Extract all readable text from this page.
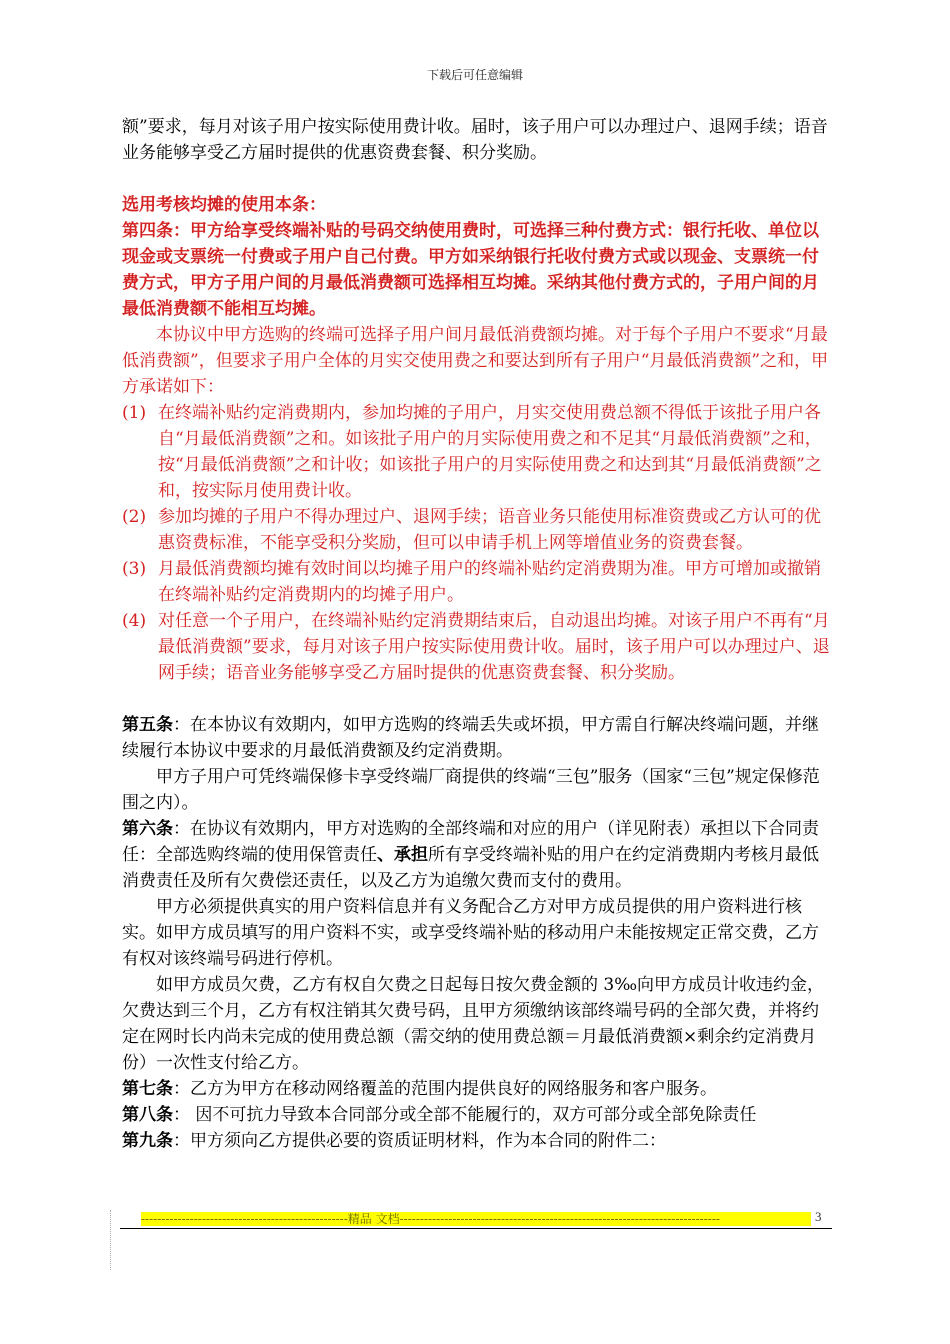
下载后可任意编辑

额”要求，每月对该子用户按实际使用费计收。届时，该子用户可以办理过户、退网手续；语音业务能够享受乙方届时提供的优惠资费套餐、积分奖励。

选用考核均摊的使用本条：

第四条：甲方给享受终端补贴的号码交纳使用费时，可选择三种付费方式：银行托收、单位以现金或支票统一付费或子用户自己付费。甲方如采纳银行托收付费方式或以现金、支票统一付费方式，甲方子用户间的月最低消费额可选择相互均摊。采纳其他付费方式的，子用户间的月最低消费额不能相互均摊。

本协议中甲方选购的终端可选择子用户间月最低消费额均摊。对于每个子用户不要求“月最低消费额”，但要求子用户全体的月实交使用费之和要达到所有子用户“月最低消费额”之和，甲方承诺如下：

(1) 在终端补贴约定消费期内，参加均摊的子用户，月实交使用费总额不得低于该批子用户各自“月最低消费额”之和。如该批子用户的月实际使用费之和不足其“月最低消费额”之和，按“月最低消费额”之和计收；如该批子用户的月实际使用费之和达到其“月最低消费额”之和，按实际月使用费计收。
(2) 参加均摊的子用户不得办理过户、退网手续；语音业务只能使用标准资费或乙方认可的优惠资费标准，不能享受积分奖励，但可以申请手机上网等增值业务的资费套餐。
(3) 月最低消费额均摊有效时间以均摊子用户的终端补贴约定消费期为准。甲方可增加或撤销在终端补贴约定消费期内的均摊子用户。
(4) 对任意一个子用户，在终端补贴约定消费期结束后，自动退出均摊。对该子用户不再有“月最低消费额”要求，每月对该子用户按实际使用费计收。届时，该子用户可以办理过户、退网手续；语音业务能够享受乙方届时提供的优惠资费套餐、积分奖励。

第五条：在本协议有效期内，如甲方选购的终端丢失或坏损，甲方需自行解决终端问题，并继续履行本协议中要求的月最低消费额及约定消费期。

甲方子用户可凭终端保修卡享受终端厂商提供的终端“三包”服务（国家“三包”规定保修范围之内）。

第六条：在协议有效期内，甲方对选购的全部终端和对应的用户（详见附表）承担以下合同责任：全部选购终端的使用保管责任、承担所有享受终端补贴的用户在约定消费期内考核月最低消费责任及所有欠费偿还责任，以及乙方为追缴欠费而支付的费用。

甲方必须提供真实的用户资料信息并有义务配合乙方对甲方成员提供的用户资料进行核实。如甲方成员填写的用户资料不实，或享受终端补贴的移动用户未能按规定正常交费，乙方有权对该终端号码进行停机。

如甲方成员欠费，乙方有权自欠费之日起每日按欠费金额的 3‰向甲方成员计收违约金，欠费达到三个月，乙方有权注销其欠费号码，且甲方须缴纳该部终端号码的全部欠费，并将约定在网时长内尚未完成的使用费总额（需交纳的使用费总额＝月最低消费额×剩余约定消费月份）一次性支付给乙方。

第七条：乙方为甲方在移动网络覆盖的范围内提供良好的网络服务和客户服务。

第八条： 因不可抗力导致本合同部分或全部不能履行的，双方可部分或全部免除责任

第九条：甲方须向乙方提供必要的资质证明材料，作为本合同的附件二：

---------------------------------------------------精品 文档-------------------------------------------------------------------------------	3
